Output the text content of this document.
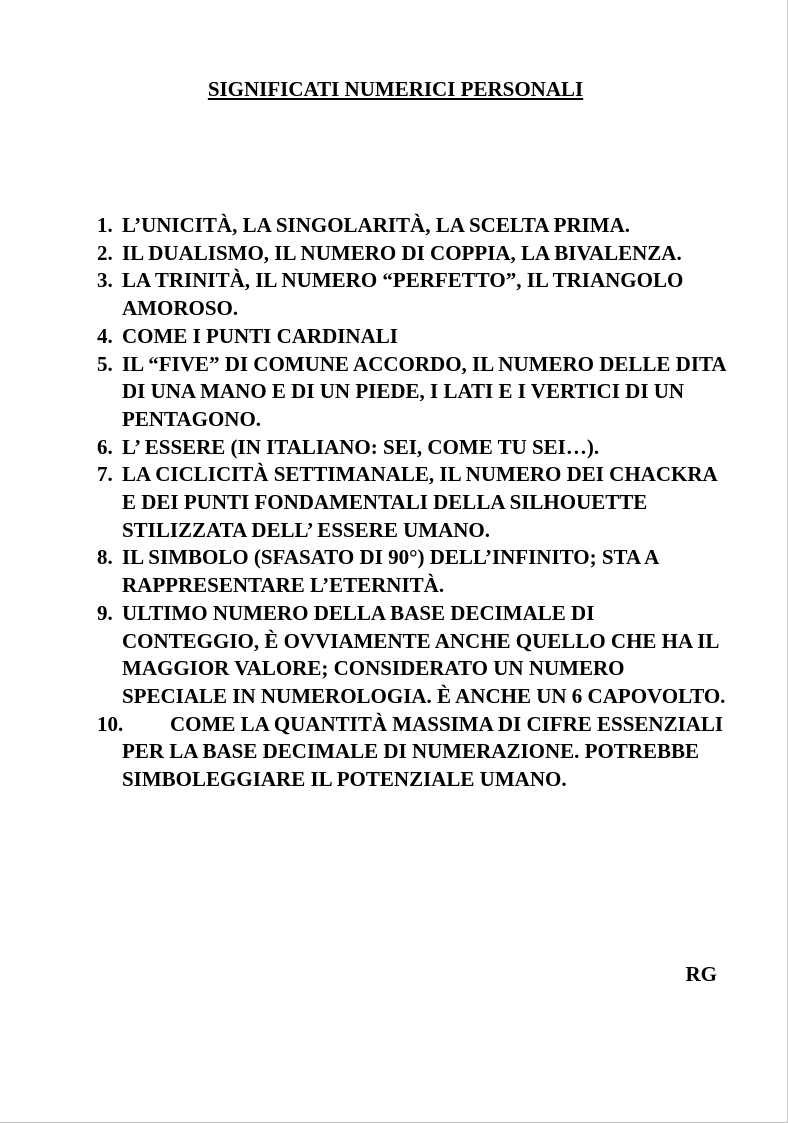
SIGNIFICATI NUMERICI PERSONALI
1. L’UNICITÀ, LA SINGOLARITÀ, LA SCELTA PRIMA.
2. IL DUALISMO, IL NUMERO DI COPPIA, LA BIVALENZA.
3. LA TRINITÀ, IL NUMERO “PERFETTO”, IL TRIANGOLO AMOROSO.
4. COME I PUNTI CARDINALI
5. IL “FIVE” DI COMUNE ACCORDO, IL NUMERO DELLE DITA DI UNA MANO E DI UN PIEDE, I LATI E I VERTICI DI UN PENTAGONO.
6. L’ ESSERE (IN ITALIANO: SEI, COME TU SEI…).
7. LA CICLICITÀ SETTIMANALE, IL NUMERO DEI CHACKRA E DEI PUNTI FONDAMENTALI DELLA SILHOUETTE STILIZZATA DELL’ ESSERE UMANO.
8. IL SIMBOLO (SFASATO DI 90°) DELL’INFINITO; STA A RAPPRESENTARE L’ETERNITÀ.
9. ULTIMO NUMERO DELLA BASE DECIMALE DI CONTEGGIO, È OVVIAMENTE ANCHE QUELLO CHE HA IL MAGGIOR VALORE; CONSIDERATO UN NUMERO SPECIALE IN NUMEROLOGIA. È ANCHE UN 6 CAPOVOLTO.
10. COME LA QUANTITÀ MASSIMA DI CIFRE ESSENZIALI PER LA BASE DECIMALE DI NUMERAZIONE. POTREBBE SIMBOLEGGIARE IL POTENZIALE UMANO.

RG
